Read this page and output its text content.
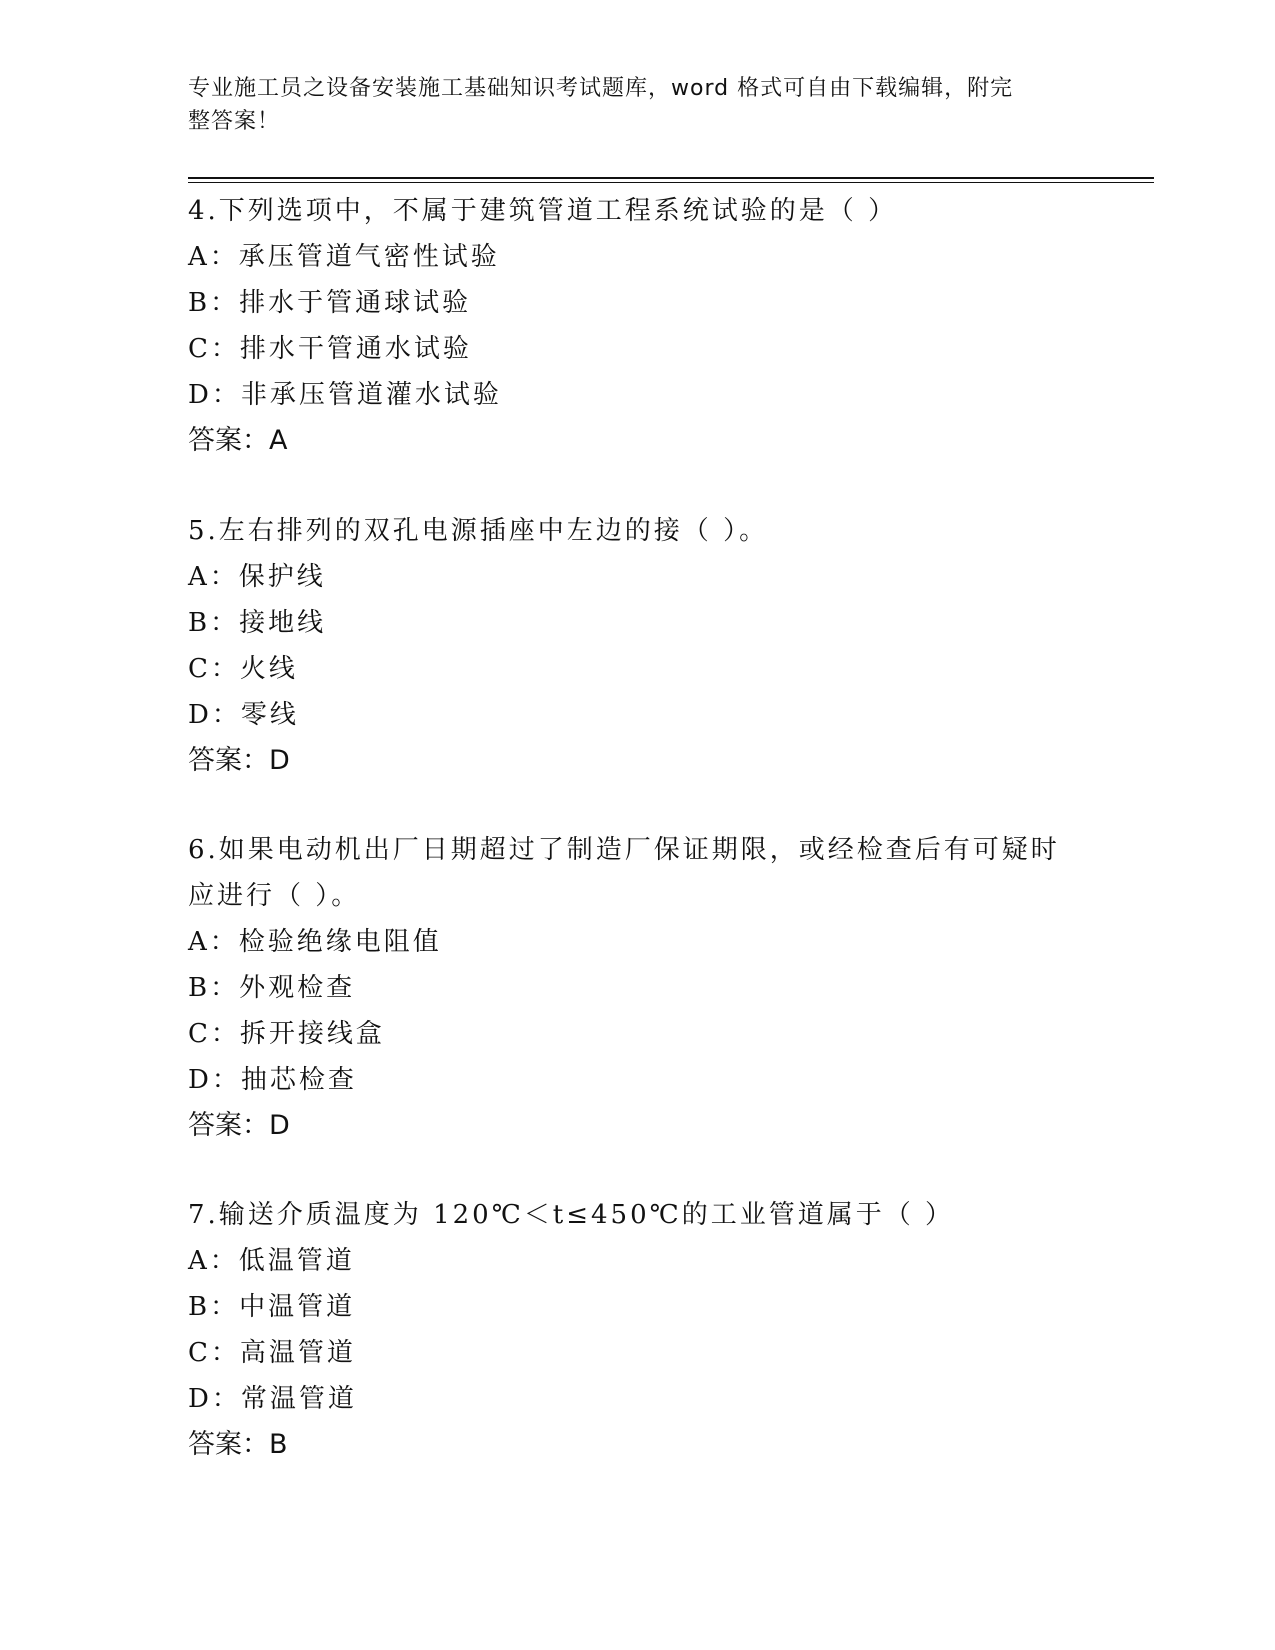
专业施工员之设备安装施工基础知识考试题库，word 格式可自由下载编辑，附完
整答案！

4.下列选项中，不属于建筑管道工程系统试验的是（ ）

A：承压管道气密性试验

B：排水于管通球试验

C：排水干管通水试验

D：非承压管道灌水试验

答案：A

5.左右排列的双孔电源插座中左边的接（ ）。

A：保护线

B：接地线

C：火线

D：零线

答案：D

6.如果电动机出厂日期超过了制造厂保证期限，或经检查后有可疑时

应进行（ ）。

A：检验绝缘电阻值

B：外观检查

C：拆开接线盒

D：抽芯检查

答案：D

7.输送介质温度为 120℃＜t≤450℃的工业管道属于（ ）

A：低温管道

B：中温管道

C：高温管道

D：常温管道

答案：B
